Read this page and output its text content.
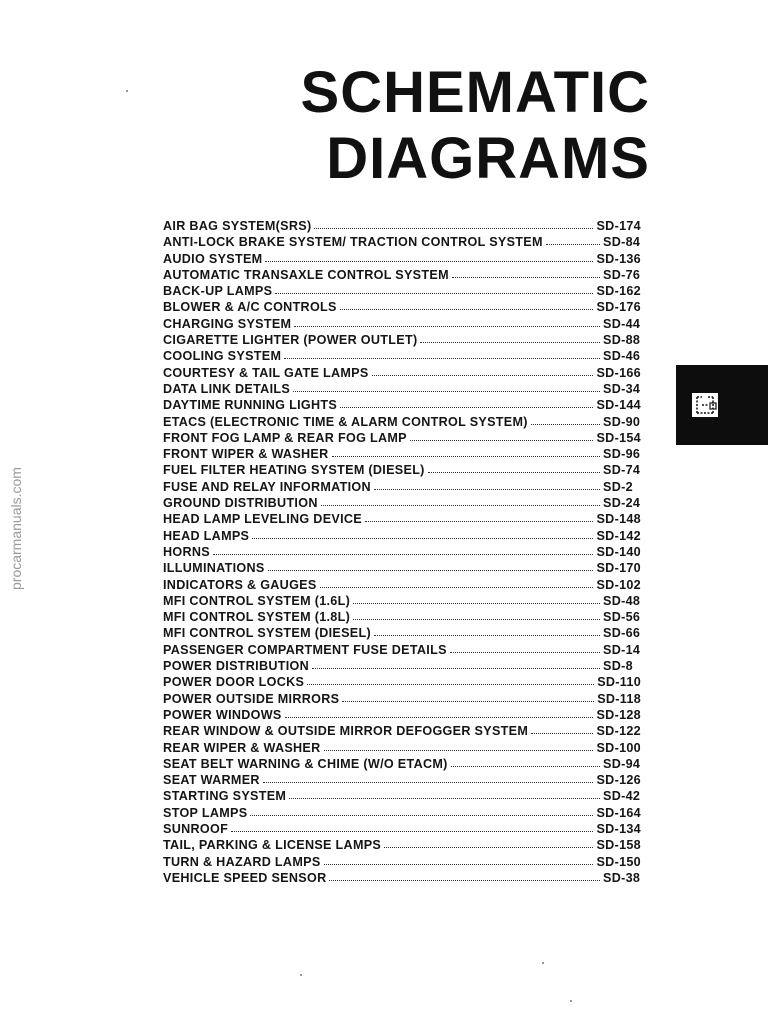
SCHEMATIC
DIAGRAMS
AIR BAG SYSTEM(SRS)	SD-174
ANTI-LOCK BRAKE SYSTEM/ TRACTION CONTROL SYSTEM	SD-84
AUDIO SYSTEM	SD-136
AUTOMATIC TRANSAXLE CONTROL SYSTEM	SD-76
BACK-UP LAMPS	SD-162
BLOWER & A/C CONTROLS	SD-176
CHARGING SYSTEM	SD-44
CIGARETTE LIGHTER (POWER OUTLET)	SD-88
COOLING SYSTEM	SD-46
COURTESY & TAIL GATE LAMPS	SD-166
DATA LINK DETAILS	SD-34
DAYTIME RUNNING LIGHTS	SD-144
ETACS (ELECTRONIC TIME & ALARM CONTROL SYSTEM)	SD-90
FRONT FOG LAMP & REAR FOG LAMP	SD-154
FRONT WIPER & WASHER	SD-96
FUEL FILTER HEATING SYSTEM (DIESEL)	SD-74
FUSE AND RELAY INFORMATION	SD-2
GROUND DISTRIBUTION	SD-24
HEAD LAMP LEVELING DEVICE	SD-148
HEAD LAMPS	SD-142
HORNS	SD-140
ILLUMINATIONS	SD-170
INDICATORS & GAUGES	SD-102
MFI CONTROL SYSTEM (1.6L)	SD-48
MFI CONTROL SYSTEM (1.8L)	SD-56
MFI CONTROL SYSTEM (DIESEL)	SD-66
PASSENGER COMPARTMENT FUSE DETAILS	SD-14
POWER DISTRIBUTION	SD-8
POWER DOOR LOCKS	SD-110
POWER OUTSIDE MIRRORS	SD-118
POWER WINDOWS	SD-128
REAR WINDOW & OUTSIDE MIRROR DEFOGGER SYSTEM	SD-122
REAR WIPER & WASHER	SD-100
SEAT BELT WARNING & CHIME (W/O ETACM)	SD-94
SEAT WARMER	SD-126
STARTING SYSTEM	SD-42
STOP LAMPS	SD-164
SUNROOF	SD-134
TAIL, PARKING & LICENSE LAMPS	SD-158
TURN & HAZARD LAMPS	SD-150
VEHICLE SPEED SENSOR	SD-38
procarmanuals.com
